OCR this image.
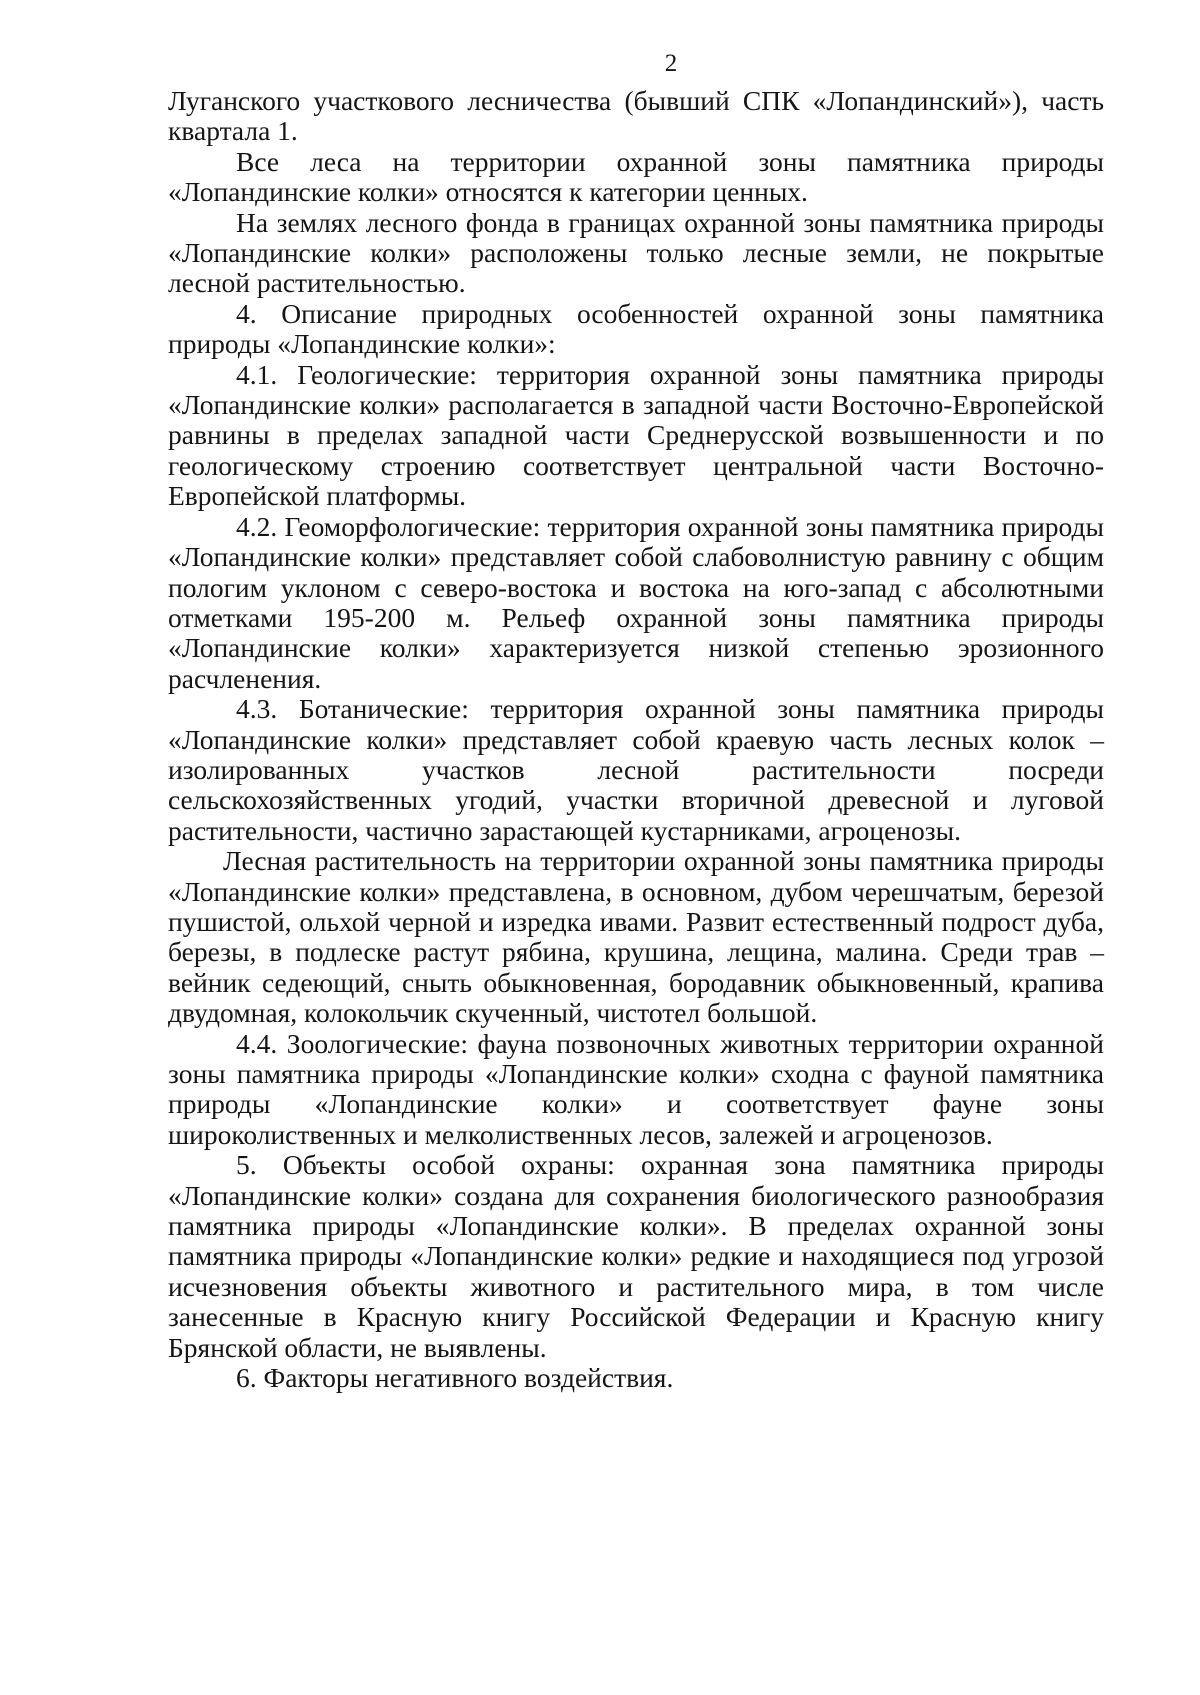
2

Луганского участкового лесничества (бывший СПК «Лопандинский»), часть квартала 1.

Все леса на территории охранной зоны памятника природы «Лопандинские колки» относятся к категории ценных.

На землях лесного фонда в границах охранной зоны памятника природы «Лопандинские колки» расположены только лесные земли, не покрытые лесной растительностью.

4. Описание природных особенностей охранной зоны памятника природы «Лопандинские колки»:

4.1. Геологические: территория охранной зоны памятника природы «Лопандинские колки» располагается в западной части Восточно-Европейской равнины в пределах западной части Среднерусской возвышенности и по геологическому строению соответствует центральной части Восточно-Европейской платформы.

4.2. Геоморфологические: территория охранной зоны памятника природы «Лопандинские колки» представляет собой слабоволнистую равнину с общим пологим уклоном с северо-востока и востока на юго-запад с абсолютными отметками 195-200 м. Рельеф охранной зоны памятника природы «Лопандинские колки» характеризуется низкой степенью эрозионного расчленения.

4.3. Ботанические: территория охранной зоны памятника природы «Лопандинские колки» представляет собой краевую часть лесных колок – изолированных участков лесной растительности посреди сельскохозяйственных угодий, участки вторичной древесной и луговой растительности, частично зарастающей кустарниками, агроценозы.

Лесная растительность на территории охранной зоны памятника природы «Лопандинские колки» представлена, в основном, дубом черешчатым, березой пушистой, ольхой черной и изредка ивами. Развит естественный подрост дуба, березы, в подлеске растут рябина, крушина, лещина, малина. Среди трав – вейник седеющий, сныть обыкновенная, бородавник обыкновенный, крапива двудомная, колокольчик скученный, чистотел большой.

4.4. Зоологические: фауна позвоночных животных территории охранной зоны памятника природы «Лопандинские колки» сходна с фауной памятника природы «Лопандинские колки» и соответствует фауне зоны широколиственных и мелколиственных лесов, залежей и агроценозов.

5. Объекты особой охраны: охранная зона памятника природы «Лопандинские колки» создана для сохранения биологического разнообразия памятника природы «Лопандинские колки». В пределах охранной зоны памятника природы «Лопандинские колки» редкие и находящиеся под угрозой исчезновения объекты животного и растительного мира, в том числе занесенные в Красную книгу Российской Федерации и Красную книгу Брянской области, не выявлены.

6. Факторы негативного воздействия.
